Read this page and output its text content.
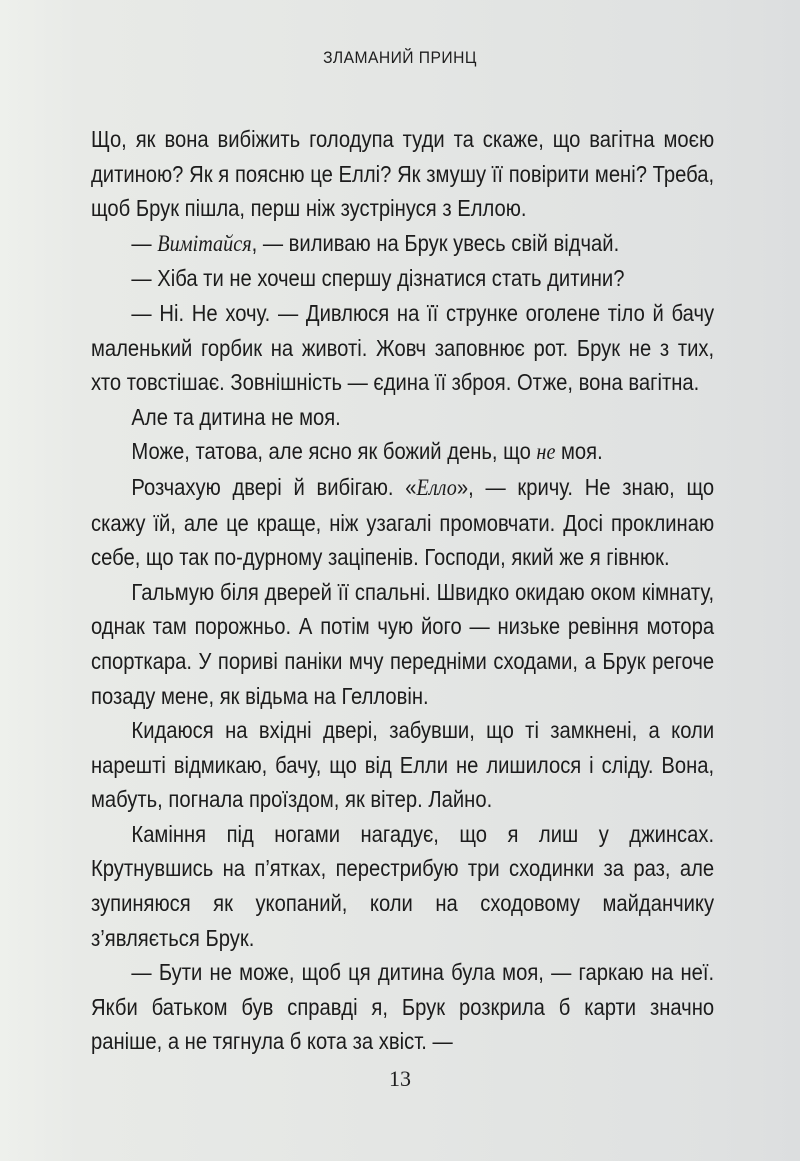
ЗЛАМАНИЙ ПРИНЦ

Що, як вона вибіжить голодупа туди та скаже, що вагітна моєю дитиною? Як я поясню це Еллі? Як змушу її повірити мені? Треба, щоб Брук пішла, перш ніж зустрінуся з Еллою.

— Вимітайся, — виливаю на Брук увесь свій відчай.

— Хіба ти не хочеш спершу дізнатися стать дитини?

— Ні. Не хочу. — Дивлюся на її струнке оголене тіло й бачу маленький горбик на животі. Жовч заповнює рот. Брук не з тих, хто товстішає. Зовнішність — єдина її зброя. Отже, вона вагітна.

Але та дитина не моя.

Може, татова, але ясно як божий день, що не моя.

Розчахую двері й вибігаю. «Елло», — кричу. Не знаю, що скажу їй, але це краще, ніж узагалі промовчати. Досі проклинаю себе, що так по-дурному заціпенів. Господи, який же я гівнюк.

Гальмую біля дверей її спальні. Швидко окидаю оком кімнату, однак там порожньо. А потім чую його — низьке ревіння мотора спорткара. У пориві паніки мчу передніми сходами, а Брук регоче позаду мене, як відьма на Гелловін.

Кидаюся на вхідні двері, забувши, що ті замкнені, а коли нарешті відмикаю, бачу, що від Елли не лишилося і сліду. Вона, мабуть, погнала проїздом, як вітер. Лайно.

Каміння під ногами нагадує, що я лиш у джинсах. Крутнувшись на п’ятках, перестрибую три сходинки за раз, але зупиняюся як укопаний, коли на сходовому майданчику з’являється Брук.

— Бути не може, щоб ця дитина була моя, — гаркаю на неї. Якби батьком був справді я, Брук розкрила б карти значно раніше, а не тягнула б кота за хвіст. —

13
